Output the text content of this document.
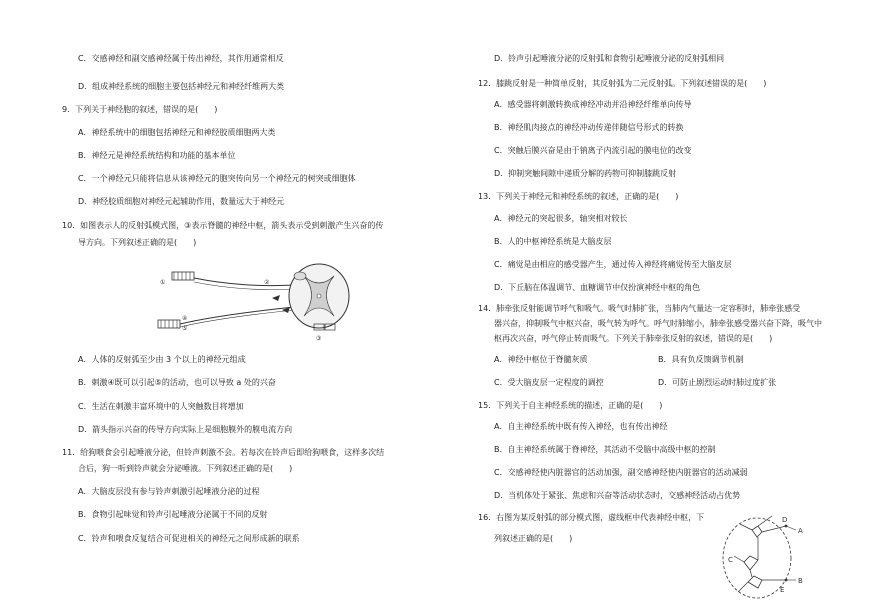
C．交感神经和副交感神经属于传出神经，其作用通常相反
D．组成神经系统的细胞主要包括神经元和神经纤维两大类
9．下列关于神经胞的叙述，错误的是(　　)
A．神经系统中的细胞包括神经元和神经胶质细胞两大类
B．神经元是神经系统结构和功能的基本单位
C．一个神经元只能将信息从该神经元的胞突传向另一个神经元的树突或细胞体
D．神经胶质细胞对神经元起辅助作用，数量远大于神经元
10．如图表示人的反射弧模式图，③表示脊髓的神经中枢，箭头表示受到刺激产生兴奋的传
导方向。下列叙述正确的是(　　)
①	②
③
④
⑤
A．人体的反射弧至少由 3 个以上的神经元组成
B．刺激④既可以引起⑤的活动，也可以导致 a 处的兴奋
C．生活在刺激丰富环境中的人突触数目将增加
D．箭头指示兴奋的传导方向实际上是细胞膜外的膜电流方向
11．给狗喂食会引起唾液分泌，但铃声刺激不会。若每次在铃声后即给狗喂食，这样多次结
合后，狗一听到铃声就会分泌唾液。下列叙述正确的是(　　)
A．大脑皮层没有参与铃声刺激引起唾液分泌的过程
B．食物引起味觉和铃声引起唾液分泌属于不同的反射
C．铃声和喂食反复结合可促进相关的神经元之间形成新的联系
D．铃声引起唾液分泌的反射弧和食物引起唾液分泌的反射弧相同
12．膝跳反射是一种简单反射，其反射弧为二元反射弧。下列叙述错误的是(　　)
A．感受器将刺激转换成神经冲动并沿神经纤维单向传导
B．神经肌肉接点的神经冲动传递伴随信号形式的转换
C．突触后膜兴奋是由于钠离子内流引起的膜电位的改变
D．抑制突触间隙中递质分解的药物可抑制膝跳反射
13．下列关于神经元和神经系统的叙述，正确的是(　　)
A．神经元的突起很多，轴突相对较长
B．人的中枢神经系统是大脑皮层
C．痛觉是由相应的感受器产生，通过传入神经将痛觉传至大脑皮层
D．下丘脑在体温调节、血糖调节中仅扮演神经中枢的角色
14．肺牵张反射能调节呼气和吸气。吸气时肺扩张，当肺内气量达一定容积时，肺牵张感受
器兴奋，抑制吸气中枢兴奋，吸气转为呼气。呼气时肺缩小，肺牵张感受器兴奋下降，吸气中
枢再次兴奋，呼气停止转而吸气。下列关于肺牵张反射的叙述，错误的是(　　)
A．神经中枢位于脊髓灰质	B．具有负反馈调节机制
C．受大脑皮层一定程度的调控	D．可防止剧烈运动时肺过度扩张
15．下列关于自主神经系统的描述，正确的是(　　)
A．自主神经系统中既有传入神经，也有传出神经
B．自主神经系统属于脊神经，其活动不受脑中高级中枢的控制
C．交感神经使内脏器官的活动加强，副交感神经使内脏器官的活动减弱
D．当机体处于紧张、焦虑和兴奋等活动状态时，交感神经活动占优势
16．右图为某反射弧的部分模式图，虚线框中代表神经中枢，下
列叙述正确的是(　　)
D
A
C
E
B
